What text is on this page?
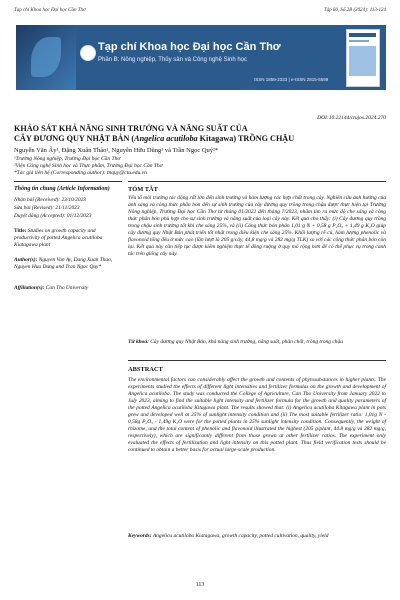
Tạp chí Khoa học Đại học Cần Thơ	Tập 60, Số 2B (2024): 113-124
Tạp chí Khoa học Đại học Cần Thơ
Phần B: Nông nghiệp, Thủy sản và Công nghệ Sinh học
ISSN 1859-2333 | e-ISSN 2815-5599
DOI:10.22144/ctujos.2024.270
KHẢO SÁT KHẢ NĂNG SINH TRƯỞNG VÀ NĂNG SUẤT CỦA
CÂY ĐƯƠNG QUY NHẬT BẢN (Angelica acutiloba Kitagawa) TRỒNG CHẬU
Nguyễn Văn Ây¹, Đặng Xuân Thảo¹, Nguyễn Hữu Dũng¹ và Trần Ngọc Quý²*
¹Trường Nông nghiệp, Trường Đại học Cần Thơ
²Viện Công nghệ Sinh học và Thực phẩm, Trường Đại học Cần Thơ
*Tác giả liên hệ (Corresponding author): tnquy@ctu.edu.vn
Thông tin chung (Article Information)
Nhận bài (Received): 23/10/2023
Sửa bài (Revised): 21/11/2023
Duyệt đăng (Accepted): 01/12/2023
Title: Studies on growth capacity and productivity of potted Angelica acutiloba Kiatagawa plant
Author(s): Nguyen Van Ay, Dang Xuan Thao, Nguyen Huu Dung and Tran Ngoc Quy*
Affiliation(s): Can Tho University
TÓM TẮT
Yếu tố môi trường tác động rất lớn đến sinh trưởng và hàm lượng các hợp chất trong cây. Nghiên cứu ảnh hưởng của ánh sáng và công thức phân bón đến sự sinh trưởng của cây đương quy trồng trong chậu được thực hiện tại Trường Nông nghiệp, Trường Đại học Cần Thơ từ tháng 01/2022 đến tháng 7/2023, nhằm tìm ra mức độ che sáng và công thức phân bón phù hợp cho sự sinh trưởng và năng suất của loại cây này. Kết quả cho thấy: (i) Cây đương quy trồng trong chậu sinh trưởng tốt khi che sáng 25%, và (ii) Công thức bón phân 1,01 g N + 0,58 g P₂O₅ + 1,49 g K₂O giúp cây đương quy Nhật Bản phát triển tốt nhất trong điều kiện che sáng 25%. Khối lượng rễ củ, hàm lượng phenolic và flavonoid tổng đều ở mức cao (lần lượt là 205 g/cây, 44,8 mg/g và 282 mg/g TLK) so với các công thức phân bón còn lại. Kết quả này cần tiếp tục được kiểm nghiệm thực tế đồng ruộng ở quy mô rộng hơn để có thể phục vụ trong canh tác trên giống cây này.
Từ khoá: Cây đương quy Nhật Bản, khả năng sinh trưởng, năng suất, phân chất, trồng trong chậu
ABSTRACT
The environmental factors can considerably affect the growth and contents of phytosubstances in higher plants. The experiments studied the effects of different light intensities and fertilizer formulas on the growth and development of Angelica acutiloba. The study was conducted the College of Agriculture, Can Tho University from January 2022 to July 2023, aiming to find the suitable light intensity and fertilizer formula for the growth and quality parameters of the potted Angelica acutiloba Kitagawa plant. The results showed that: (i) Angelica acutiloba Kitagawa plant in pots grew and developed well at 25% of sunlight intensity condition and (ii) The most suitable fertilizer ratio: 1,01g N - 0,58g P₂O₅ - 1,49g K₂O were for the potted plants in 25% sunlight intensity condition. Consequently, the weight of rhizome, and the total content of phenolic and flavonoid illustrated the highest (205 g/plant, 44.8 mg/g và 282 mg/g, respectively), which are significantly different from those grown at other fertilizer ratios. The experiment only evaluated the effects of fertilization and light intensity on this potted plant. Thus field verification tests should be continued to obtain a better basis for actual large-scale production.
Keywords: Angelica acutiloba Kiatagawa, growth capacity, potted cultivation, quality, yield
113
